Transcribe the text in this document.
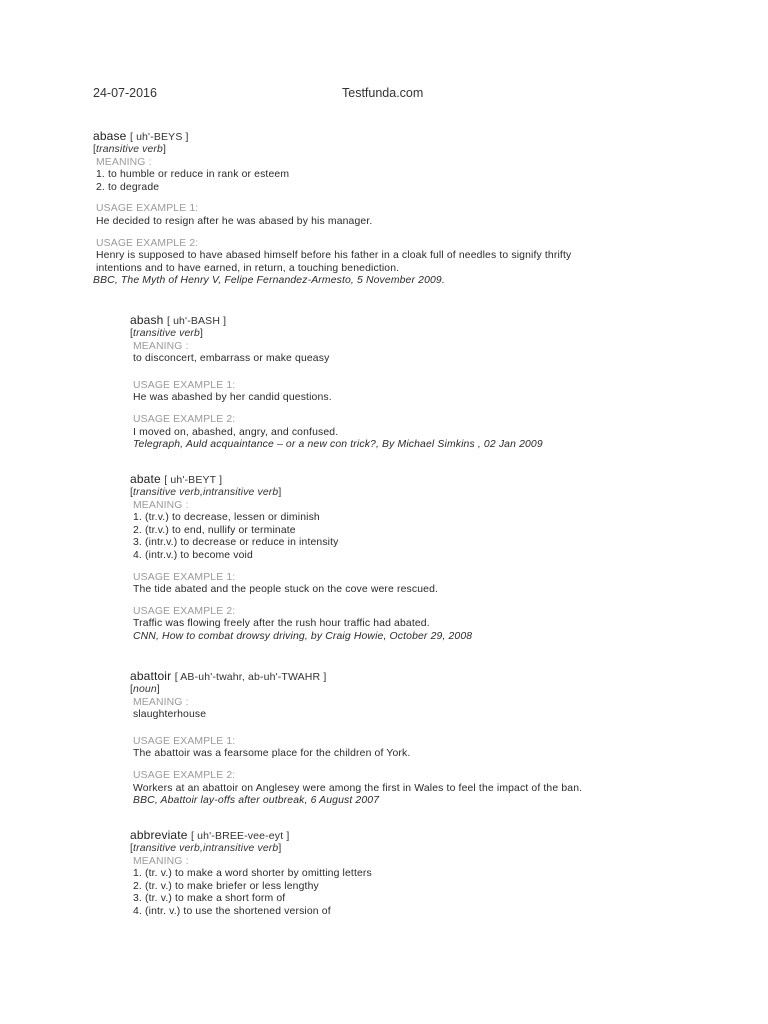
24-07-2016	Testfunda.com
abase [ uh'-BEYS ]
[transitive verb]
MEANING :
1. to humble or reduce in rank or esteem
2. to degrade
USAGE EXAMPLE 1:
He decided to resign after he was abased by his manager.
USAGE EXAMPLE 2:
Henry is supposed to have abased himself before his father in a cloak full of needles to signify thrifty
intentions and to have earned, in return, a touching benediction.
BBC, The Myth of Henry V, Felipe Fernandez-Armesto, 5 November 2009.
abash [ uh'-BASH ]
[transitive verb]
MEANING :
to disconcert, embarrass or make queasy
USAGE EXAMPLE 1:
He was abashed by her candid questions.
USAGE EXAMPLE 2:
I moved on, abashed, angry, and confused.
Telegraph, Auld acquaintance – or a new con trick?, By Michael Simkins , 02 Jan 2009
abate [ uh'-BEYT ]
[transitive verb,intransitive verb]
MEANING :
1. (tr.v.) to decrease, lessen or diminish
2. (tr.v.) to end, nullify or terminate
3. (intr.v.) to decrease or reduce in intensity
4. (intr.v.) to become void
USAGE EXAMPLE 1:
The tide abated and the people stuck on the cove were rescued.
USAGE EXAMPLE 2:
Traffic was flowing freely after the rush hour traffic had abated.
CNN, How to combat drowsy driving, by Craig Howie, October 29, 2008
abattoir [ AB-uh'-twahr, ab-uh'-TWAHR ]
[noun]
MEANING :
slaughterhouse
USAGE EXAMPLE 1:
The abattoir was a fearsome place for the children of York.
USAGE EXAMPLE 2:
Workers at an abattoir on Anglesey were among the first in Wales to feel the impact of the ban.
BBC, Abattoir lay-offs after outbreak, 6 August 2007
abbreviate [ uh'-BREE-vee-eyt ]
[transitive verb,intransitive verb]
MEANING :
1. (tr. v.) to make a word shorter by omitting letters
2. (tr. v.) to make briefer or less lengthy
3. (tr. v.) to make a short form of
4. (intr. v.) to use the shortened version of
